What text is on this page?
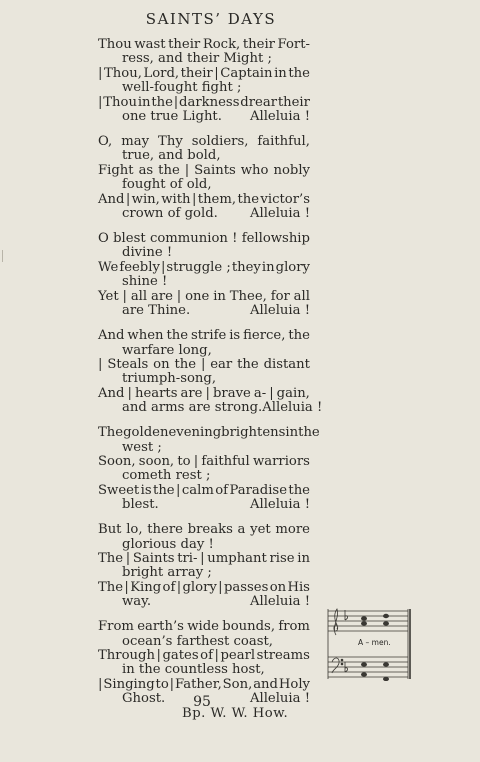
SAINTS’ DAYS
Thou wast their Rock, their Fort-
ress, and their Might ;
| Thou, Lord, their | Captain in the
well-fought fight ;
| Thou in the | darkness drear their
one true Light. Alleluia !
O, may Thy soldiers, faithful,
true, and bold,
Fight as the | Saints who nobly
fought of old,
And | win, with | them, the victor’s
crown of gold. Alleluia !
O blest communion ! fellowship
divine !
We feebly | struggle ; they in glory
shine !
Yet | all are | one in Thee, for all
are Thine.	Alleluia !
And when the strife is fierce, the
warfare long,
| Steals on the | ear the distant
triumph-song,
And | hearts are | brave a- | gain,
and arms are strong. Alleluia !
The golden evening brightens in the
west ;
Soon, soon, to | faithful warriors
cometh rest ;
Sweet is the | calm of Paradise the
blest.	Alleluia !
But lo, there breaks a yet more
glorious day !
The | Saints tri- | umphant rise in
bright array ;
The | King of | glory | passes on His
way.	Alleluia !
From earth’s wide bounds, from
ocean’s farthest coast,
Through | gates of | pearl streams
in the countless host,
| Singing to | Father, Son, and Holy
Ghost.	Alleluia !
Bp. W. W. How.
A – men.
95
